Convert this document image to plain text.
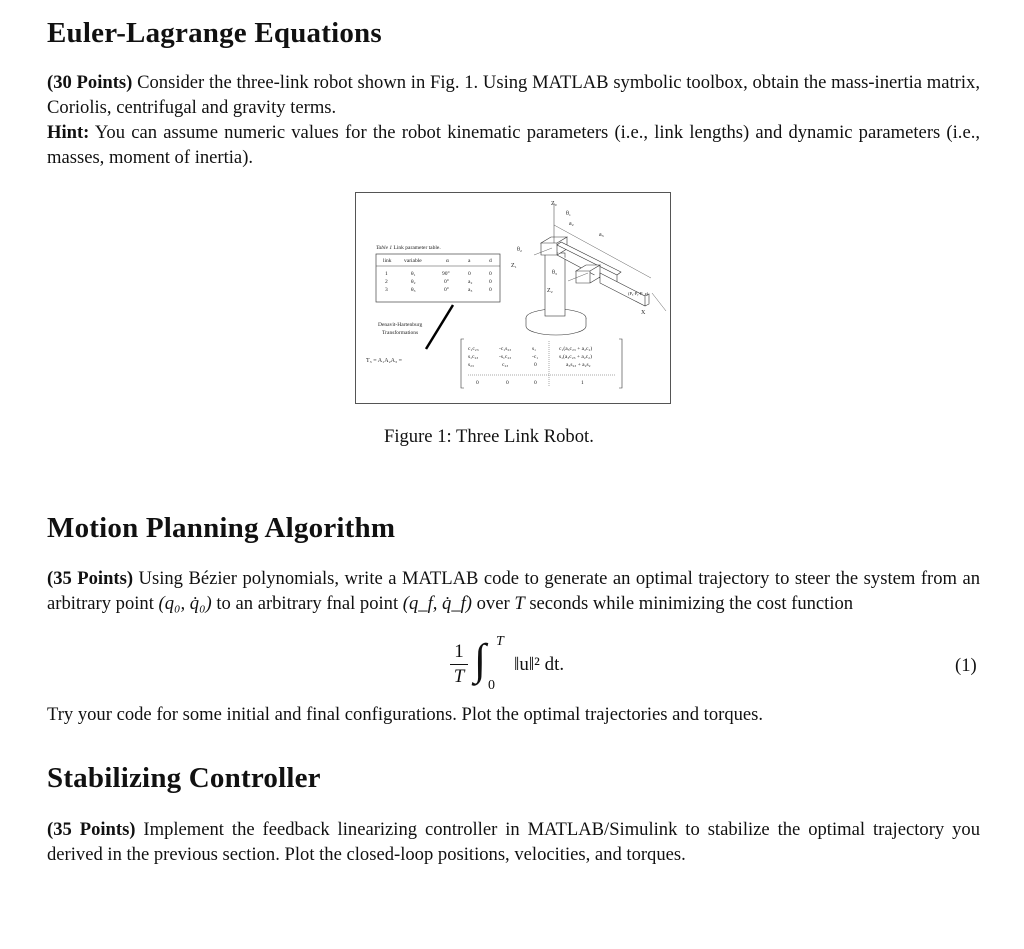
Euler-Lagrange Equations

(30 Points) Consider the three-link robot shown in Fig. 1. Using MATLAB symbolic toolbox, obtain the mass-inertia matrix, Coriolis, centrifugal and gravity terms.
Hint: You can assume numeric values for the robot kinematic parameters (i.e., link lengths) and dynamic parameters (i.e., masses, moment of inertia).

Table 1 Link parameter table.
link variable	α	a	d
1	θ₁	90°	0	0
2	θ₂	0°	a₂	0
3	θ₃	0°	a₃	0
Denavit-Hartenburg
Transformations
T₃ = A₁A₂A₃ =
c₁c₂₃	-c₁s₂₃	s₁	c₁(a₃c₂₃ + a₂c₂)
s₁c₂₃	-s₁c₂₃	-c₁	s₁(a₃c₂₃ + a₂c₂)
s₂₃	c₂₃	0	a₃s₂₃ + a₂s₂
0	0	0	1
Z₀
θ₁
a₂
a₃
θ₂
Z₁
θ₃
Z₂	(Pₓ·Pᵧ·P_z)
X
Figure 1: Three Link Robot.
Motion Planning Algorithm

(35 Points) Using Bézier polynomials, write a MATLAB code to generate an optimal trajectory to steer the system from an arbitrary point (q₀, q̇₀) to an arbitrary fnal point (q_f, q̇_f) over T seconds while minimizing the cost function

$\frac{1}{T}$ ∫ T
0
‖u‖² dt.	(1)

Try your code for some initial and final configurations. Plot the optimal trajectories and torques.

Stabilizing Controller

(35 Points) Implement the feedback linearizing controller in MATLAB/Simulink to stabilize the optimal trajectory you derived in the previous section. Plot the closed-loop positions, velocities, and torques.
